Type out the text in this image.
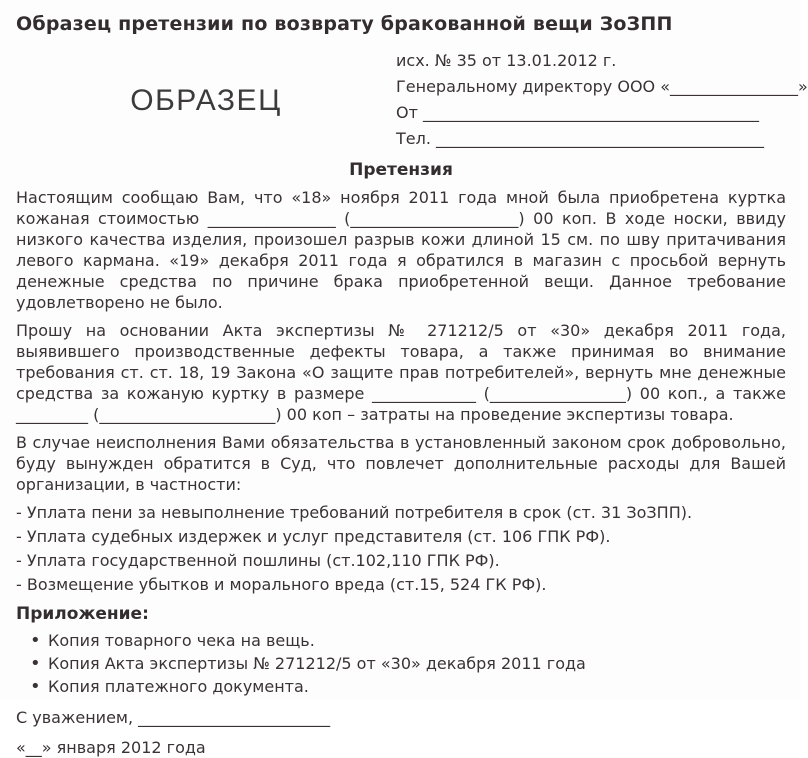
Образец претензии по возврату бракованной вещи ЗоЗПП
ОБРАЗЕЦ
исх. № 35 от 13.01.2012 г.
Генеральному директору ООО «________________»
От __________________________________________
Тел. _________________________________________
Претензия

Настоящим сообщаю Вам, что «18» ноября 2011 года мной была приобретена куртка кожаная стоимостью ________________ (_____________________) 00 коп. В ходе носки, ввиду низкого качества изделия, произошел разрыв кожи длиной 15 см. по шву притачивания левого кармана. «19» декабря 2011 года я обратился в магазин с просьбой вернуть денежные средства по причине брака приобретенной вещи. Данное требование удовлетворено не было.

Прошу на основании Акта экспертизы № 271212/5 от «30» декабря 2011 года, выявившего производственные дефекты товара, а также принимая во внимание требования ст. ст. 18, 19 Закона «О защите прав потребителей», вернуть мне денежные средства за кожаную куртку в размере _____________ (_________________) 00 коп., а также _________ (______________________) 00 коп – затраты на проведение экспертизы товара.

В случае неисполнения Вами обязательства в установленный законом срок добровольно, буду вынужден обратится в Суд, что повлечет дополнительные расходы для Вашей организации, в частности:

- Уплата пени за невыполнение требований потребителя в срок (ст. 31 ЗоЗПП).
- Уплата судебных издержек и услуг представителя (ст. 106 ГПК РФ).
- Уплата государственной пошлины (ст.102,110 ГПК РФ).
- Возмещение убытков и морального вреда (ст.15, 524 ГК РФ).
Приложение:
• Копия товарного чека на вещь.
• Копия Акта экспертизы № 271212/5 от «30» декабря 2011 года
• Копия платежного документа.
С уважением, ________________________
«__» января 2012 года
